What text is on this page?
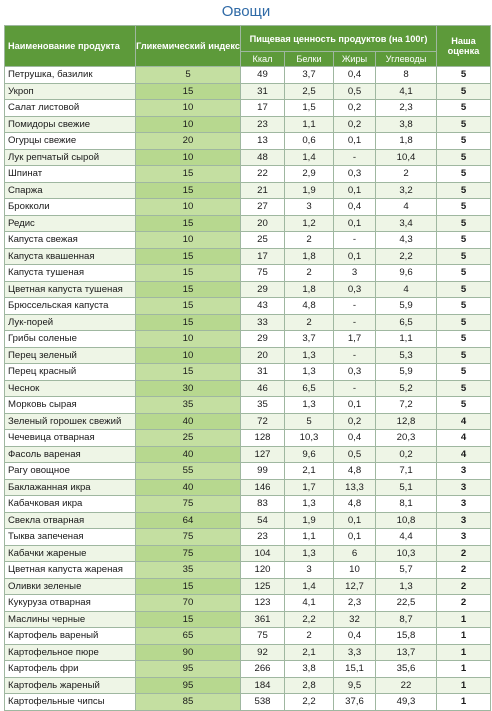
Овощи
Наименование продукта	Гликемический индекс	Пищевая ценность продуктов (на 100г)				Наша оценка
		Ккал	Белки	Жиры	Углеводы	
Петрушка, базилик	5	49	3,7	0,4	8	5
Укроп	15	31	2,5	0,5	4,1	5
Салат листовой	10	17	1,5	0,2	2,3	5
Помидоры свежие	10	23	1,1	0,2	3,8	5
Огурцы свежие	20	13	0,6	0,1	1,8	5
Лук репчатый сырой	10	48	1,4	-	10,4	5
Шпинат	15	22	2,9	0,3	2	5
Спаржа	15	21	1,9	0,1	3,2	5
Брокколи	10	27	3	0,4	4	5
Редис	15	20	1,2	0,1	3,4	5
Капуста свежая	10	25	2	-	4,3	5
Капуста квашенная	15	17	1,8	0,1	2,2	5
Капуста тушеная	15	75	2	3	9,6	5
Цветная капуста тушеная	15	29	1,8	0,3	4	5
Брюссельская капуста	15	43	4,8	-	5,9	5
Лук-порей	15	33	2	-	6,5	5
Грибы соленые	10	29	3,7	1,7	1,1	5
Перец зеленый	10	20	1,3	-	5,3	5
Перец красный	15	31	1,3	0,3	5,9	5
Чеснок	30	46	6,5	-	5,2	5
Морковь сырая	35	35	1,3	0,1	7,2	5
Зеленый горошек свежий	40	72	5	0,2	12,8	4
Чечевица отварная	25	128	10,3	0,4	20,3	4
Фасоль вареная	40	127	9,6	0,5	0,2	4
Рагу овощное	55	99	2,1	4,8	7,1	3
Баклажанная икра	40	146	1,7	13,3	5,1	3
Кабачковая икра	75	83	1,3	4,8	8,1	3
Свекла отварная	64	54	1,9	0,1	10,8	3
Тыква запеченая	75	23	1,1	0,1	4,4	3
Кабачки жареные	75	104	1,3	6	10,3	2
Цветная капуста жареная	35	120	3	10	5,7	2
Оливки зеленые	15	125	1,4	12,7	1,3	2
Кукуруза отварная	70	123	4,1	2,3	22,5	2
Маслины черные	15	361	2,2	32	8,7	1
Картофель вареный	65	75	2	0,4	15,8	1
Картофельное пюре	90	92	2,1	3,3	13,7	1
Картофель фри	95	266	3,8	15,1	35,6	1
Картофель жареный	95	184	2,8	9,5	22	1
Картофельные чипсы	85	538	2,2	37,6	49,3	1
